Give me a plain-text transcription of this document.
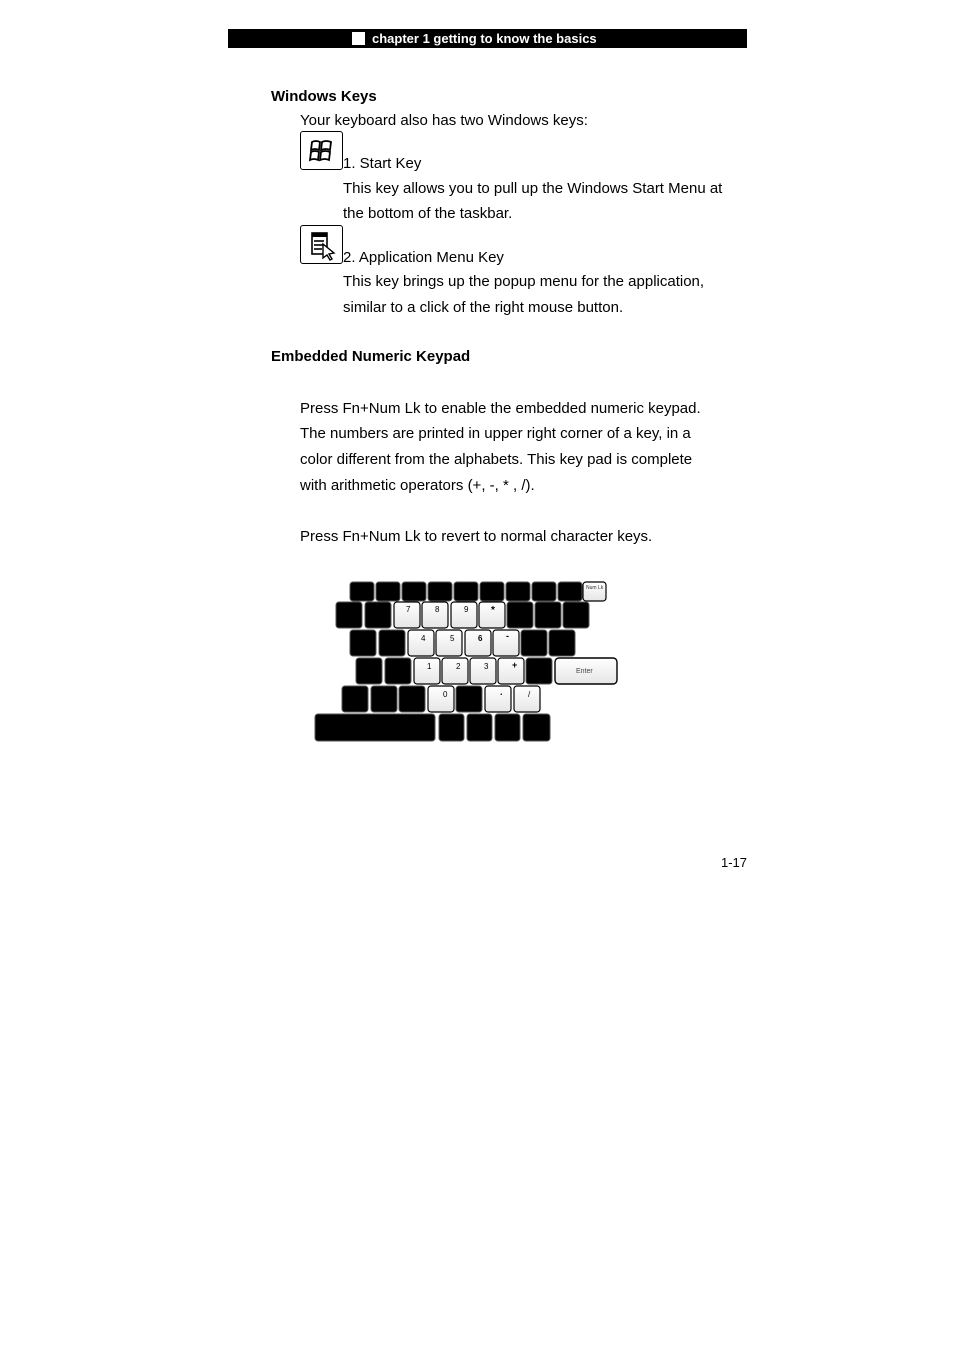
chapter 1 getting to know the basics
Windows Keys
Your keyboard also has two Windows keys:
1. Start Key
This key allows you to pull up the Windows Start Menu at
the bottom of the taskbar.
2. Application Menu Key
This key brings up the popup menu for the application,
similar to a click of the right mouse button.
Embedded Numeric Keypad
Press Fn+Num Lk to enable the embedded numeric keypad.
The numbers are printed in upper right corner of a key, in a
color different from the alphabets. This key pad is complete
with arithmetic operators (+, -, * , /).
Press Fn+Num Lk to revert to normal character keys.
Num Lk
7	8	9 *
4	5	6	-
1	2	3	+
Enter
0	.	/
1-17
